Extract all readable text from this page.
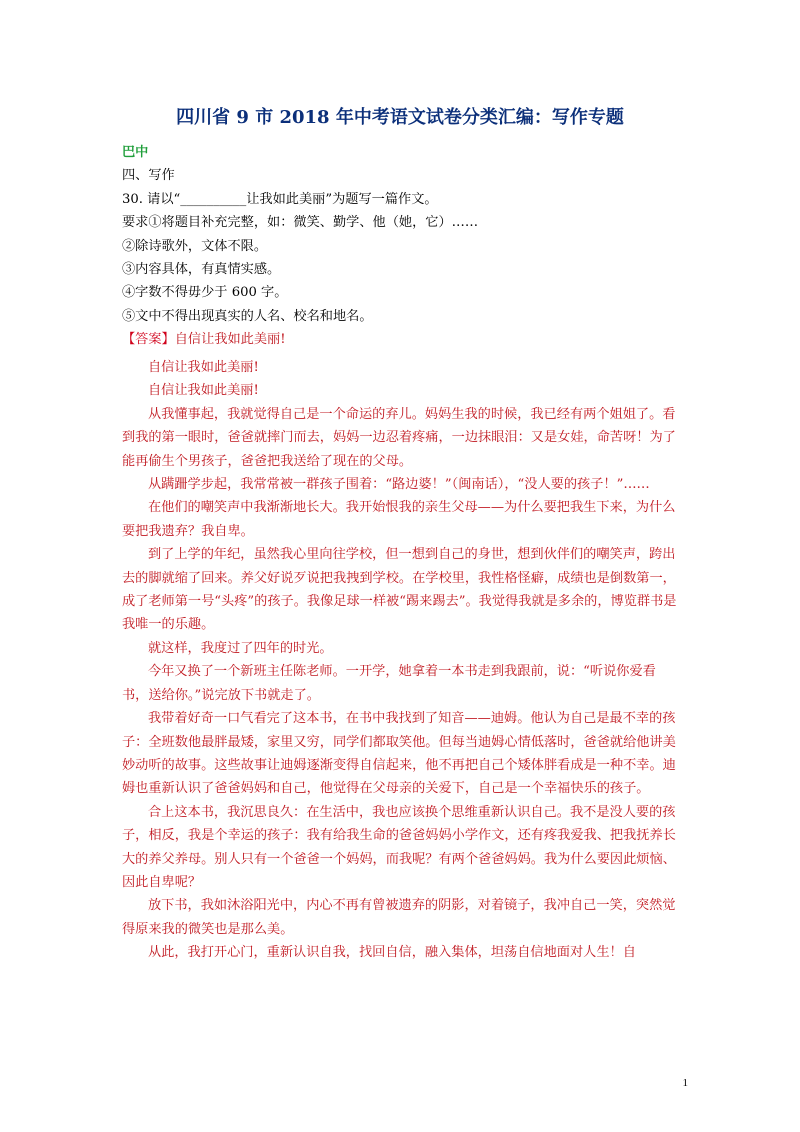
四川省 9 市 2018 年中考语文试卷分类汇编：写作专题

巴中

四、写作

30. 请以“__________让我如此美丽”为题写一篇作文。

要求①将题目补充完整，如：微笑、勤学、他（她，它）……

②除诗歌外，文体不限。

③内容具体，有真情实感。

④字数不得毋少于 600 字。

⑤文中不得出现真实的人名、校名和地名。

【答案】自信让我如此美丽!

自信让我如此美丽!

自信让我如此美丽!

从我懂事起，我就觉得自己是一个命运的弃儿。妈妈生我的时候，我已经有两个姐姐了。看到我的第一眼时，爸爸就摔门而去，妈妈一边忍着疼痛，一边抹眼泪：又是女娃，命苦呀！为了能再偷生个男孩子，爸爸把我送给了现在的父母。

从蹒跚学步起，我常常被一群孩子围着：“路边婆！”（闽南话），“没人要的孩子！”……

在他们的嘲笑声中我渐渐地长大。我开始恨我的亲生父母——为什么要把我生下来，为什么要把我遗弃？我自卑。

到了上学的年纪，虽然我心里向往学校，但一想到自己的身世，想到伙伴们的嘲笑声，跨出去的脚就缩了回来。养父好说歹说把我拽到学校。在学校里，我性格怪癖，成绩也是倒数第一，成了老师第一号“头疼”的孩子。我像足球一样被“踢来踢去”。我觉得我就是多余的，博览群书是我唯一的乐趣。

就这样，我度过了四年的时光。

今年又换了一个新班主任陈老师。一开学，她拿着一本书走到我跟前，说：“听说你爱看书，送给你。”说完放下书就走了。

我带着好奇一口气看完了这本书，在书中我找到了知音——迪姆。他认为自己是最不幸的孩子：全班数他最胖最矮，家里又穷，同学们都取笑他。但每当迪姆心情低落时，爸爸就给他讲美妙动听的故事。这些故事让迪姆逐渐变得自信起来，他不再把自己个矮体胖看成是一种不幸。迪姆也重新认识了爸爸妈妈和自己，他觉得在父母亲的关爱下，自己是一个幸福快乐的孩子。

合上这本书，我沉思良久：在生活中，我也应该换个思维重新认识自己。我不是没人要的孩子，相反，我是个幸运的孩子：我有给我生命的爸爸妈妈小学作文，还有疼我爱我、把我抚养长大的养父养母。别人只有一个爸爸一个妈妈，而我呢？有两个爸爸妈妈。我为什么要因此烦恼、因此自卑呢？

放下书，我如沐浴阳光中，内心不再有曾被遗弃的阴影，对着镜子，我冲自己一笑，突然觉得原来我的微笑也是那么美。

从此，我打开心门，重新认识自我，找回自信，融入集体，坦荡自信地面对人生！自

1
